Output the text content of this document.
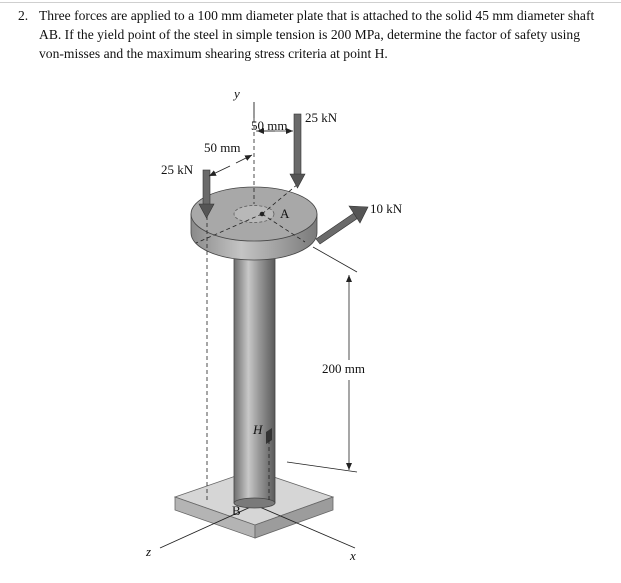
2. Three forces are applied to a 100 mm diameter plate that is attached to the solid 45 mm diameter shaft AB. If the yield point of the steel in simple tension is 200 MPa, determine the factor of safety using von-misses and the maximum shearing stress criteria at point H.
z	x
H
B
A
y
25 kN
25 kN
50 mm
50 mm
10 kN
200 mm
